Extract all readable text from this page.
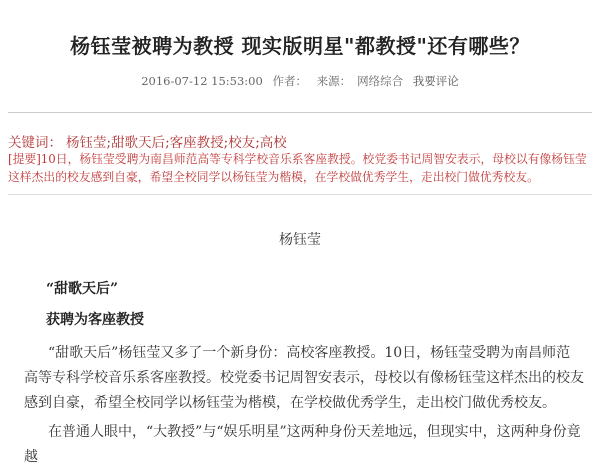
杨钰莹被聘为教授 现实版明星"都教授"还有哪些？
2016-07-12 15:53:00 作者： 来源： 网络综合 我要评论
关键词： 杨钰莹;甜歌天后;客座教授;校友;高校
[提要]10日，杨钰莹受聘为南昌师范高等专科学校音乐系客座教授。校党委书记周智安表示，母校以有像杨钰莹这样杰出的校友感到自豪，希望全校同学以杨钰莹为楷模，在学校做优秀学生，走出校门做优秀校友。
杨钰莹
“甜歌天后”
获聘为客座教授
“甜歌天后”杨钰莹又多了一个新身份：高校客座教授。10日，杨钰莹受聘为南昌师范高等专科学校音乐系客座教授。校党委书记周智安表示，母校以有像杨钰莹这样杰出的校友感到自豪，希望全校同学以杨钰莹为楷模，在学校做优秀学生，走出校门做优秀校友。
在普通人眼中，“大教授”与“娱乐明星”这两种身份天差地远，但现实中，这两种身份竟越
